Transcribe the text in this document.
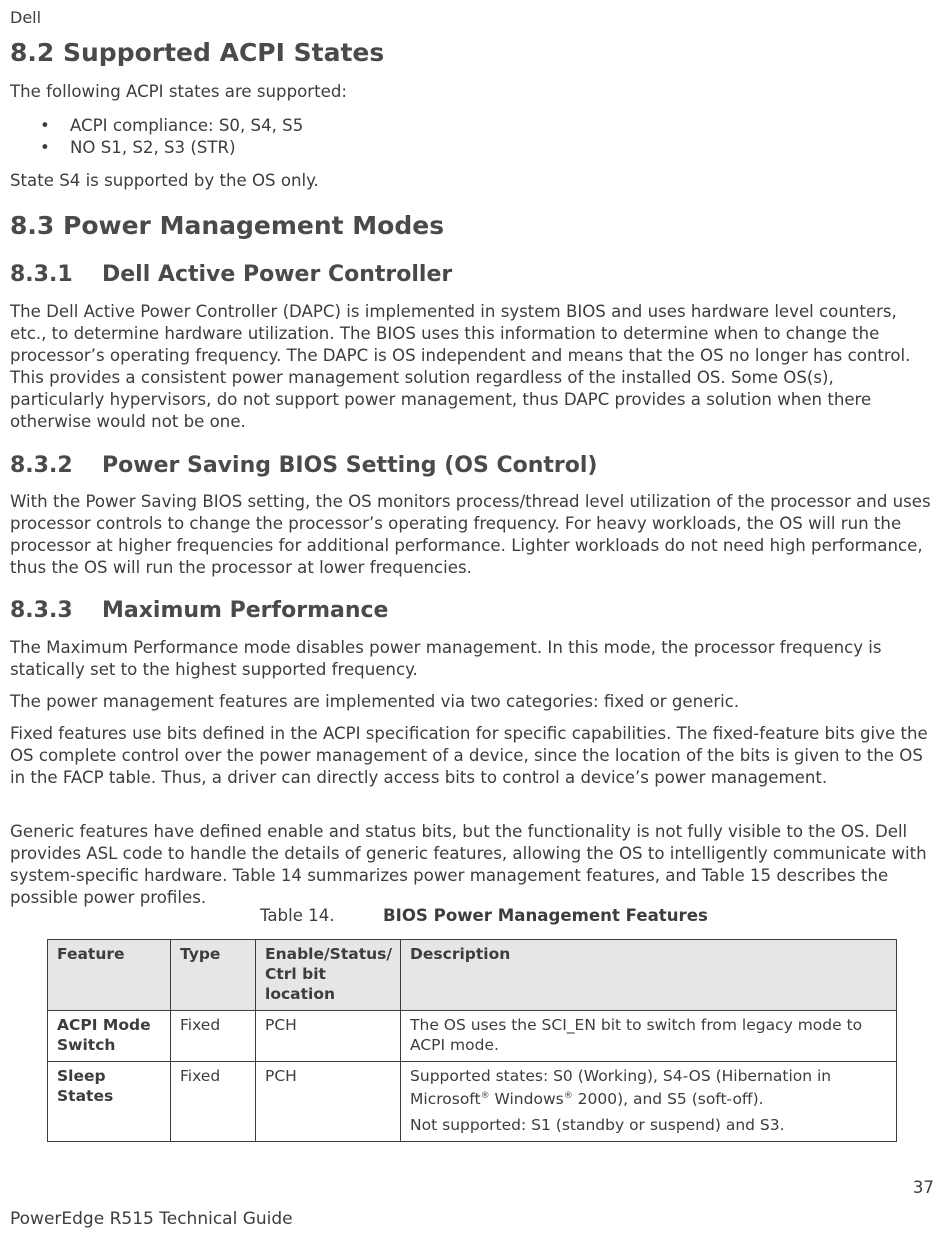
Dell
8.2 Supported ACPI States

The following ACPI states are supported:

• ACPI compliance: S0, S4, S5
• NO S1, S2, S3 (STR)

State S4 is supported by the OS only.

8.3 Power Management Modes
8.3.1 Dell Active Power Controller

The Dell Active Power Controller (DAPC) is implemented in system BIOS and uses hardware level counters, etc., to determine hardware utilization. The BIOS uses this information to determine when to change the processor’s operating frequency. The DAPC is OS independent and means that the OS no longer has control. This provides a consistent power management solution regardless of the installed OS. Some OS(s), particularly hypervisors, do not support power management, thus DAPC provides a solution when there otherwise would not be one.

8.3.2 Power Saving BIOS Setting (OS Control)

With the Power Saving BIOS setting, the OS monitors process/thread level utilization of the processor and uses processor controls to change the processor’s operating frequency. For heavy workloads, the OS will run the processor at higher frequencies for additional performance. Lighter workloads do not need high performance, thus the OS will run the processor at lower frequencies.

8.3.3 Maximum Performance

The Maximum Performance mode disables power management. In this mode, the processor frequency is statically set to the highest supported frequency.

The power management features are implemented via two categories: fixed or generic.

Fixed features use bits defined in the ACPI specification for specific capabilities. The fixed-feature bits give the OS complete control over the power management of a device, since the location of the bits is given to the OS in the FACP table. Thus, a driver can directly access bits to control a device’s power management.

Generic features have defined enable and status bits, but the functionality is not fully visible to the OS. Dell provides ASL code to handle the details of generic features, allowing the OS to intelligently communicate with system-specific hardware. Table 14 summarizes power management features, and Table 15 describes the possible power profiles.

Table 14.	BIOS Power Management Features
Feature	Type	Enable/Status/ Ctrl bit location	Description
ACPI Mode Switch	Fixed	PCH	The OS uses the SCI_EN bit to switch from legacy mode to ACPI mode.
Sleep States	Fixed	PCH	Supported states: S0 (Working), S4-OS (Hibernation in Microsoft® Windows® 2000), and S5 (soft-off).

Not supported: S1 (standby or suspend) and S3.

37
PowerEdge R515 Technical Guide
